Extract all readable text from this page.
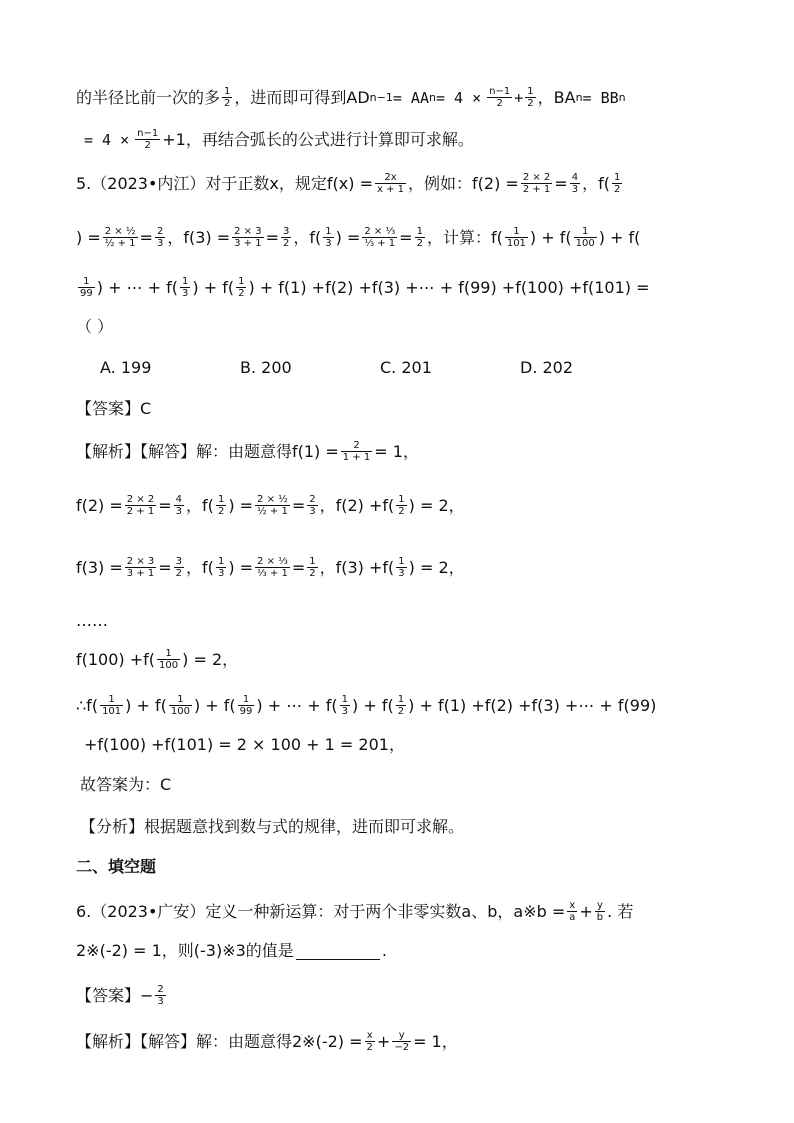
的半径比前一次的多 $\frac{1}{2}$ ，进而即可得到AD n−1 = AA $n = 4 \times \frac{n-1}{2} + \frac{1}{2}$ ，BA n = BB n
= $4 \times \frac{n-1}{2} +1$，再结合弧长的公式进行计算即可求解。
5.（2023•内江）对于正数x，规定$f(x) = \frac{2x}{x + 1}$ ，例如：$f(2) = \frac{2 \times 2}{2 + 1} = \frac{4}{3}$ ，$f( \frac{1}{2}$
) = $\frac{\text{2 × ½}}{\text{½ + 1}} = \frac{2}{3}$ ，$f(3) = \frac{2 \times 3}{3 + 1} = \frac{3}{2}$ ，$f( \frac{1}{3}$ ) = $\frac{\text{2 × ⅓}}{\text{⅓ + 1}} = \frac{1}{2}$ ，计算：$f( \frac{1}{101}$ ) + $f( \frac{1}{100}$ ) + f(
$\frac{1}{99}$ ) + ⋯ + $f( \frac{1}{3}$ ) + $f( \frac{1}{2}$ ) + f(1) +f(2) +f(3) +⋯ + f(99) +f(100) +f(101) =
（ ）
A. 199	B. 200	C. 201	D. 202
【答案】C
【解析】【解答】解：由题意得$f(1) = \frac{2}{1 + 1} = 1$，
$f(2) = \frac{2 \times 2}{2 + 1} = \frac{4}{3}$ ，$f( \frac{1}{2}$ ) = $\frac{\text{2 × ½}}{\text{½ + 1}} = \frac{2}{3}$ ，$f(2) +f( \frac{1}{2}$ ) = 2，
$f(3) = \frac{2 \times 3}{3 + 1} = \frac{3}{2}$ ，$f( \frac{1}{3}$ ) = $\frac{\text{2 × ⅓}}{\text{⅓ + 1}} = \frac{1}{2}$ ，$f(3) +f( \frac{1}{3}$ ) = 2，
……
$f(100) +f( \frac{1}{100}$ ) = 2，
∴f( $\frac{1}{101}$ ) + $f( \frac{1}{100}$ ) + $f( \frac{1}{99}$ ) + ⋯ + $f( \frac{1}{3}$ ) + $f( \frac{1}{2}$ ) + f(1) +f(2) +f(3) +⋯ + f(99)
+f(100) +f(101) = 2 × 100 + 1 = 201，
故答案为：C
【分析】根据题意找到数与式的规律，进而即可求解。
二、填空题
6.（2023•广安）定义一种新运算：对于两个非零实数a、b，a※b = $\frac{x}{a} + \frac{y}{b}$ . 若
2※(-2) = 1，则(-3)※3的值是	.
【答案】− $\frac{2}{3}$
【解析】【解答】解：由题意得2※(-2) = $\frac{x}{2} + \frac{y}{-2} = 1$，
